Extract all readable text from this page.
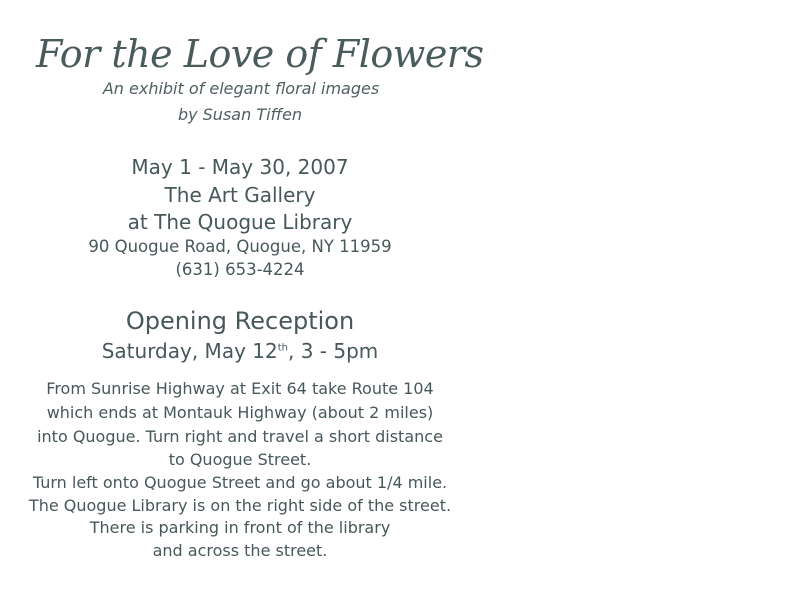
For the Love of Flowers
An exhibit of elegant floral images
by Susan Tiffen
May 1 - May 30, 2007
The Art Gallery
at The Quogue Library
90 Quogue Road, Quogue, NY 11959
(631) 653-4224
Opening Reception
Saturday, May 12th, 3 - 5pm
From Sunrise Highway at Exit 64 take Route 104
which ends at Montauk Highway (about 2 miles)
into Quogue. Turn right and travel a short distance
to Quogue Street.
Turn left onto Quogue Street and go about 1/4 mile.
The Quogue Library is on the right side of the street.
There is parking in front of the library
and across the street.
